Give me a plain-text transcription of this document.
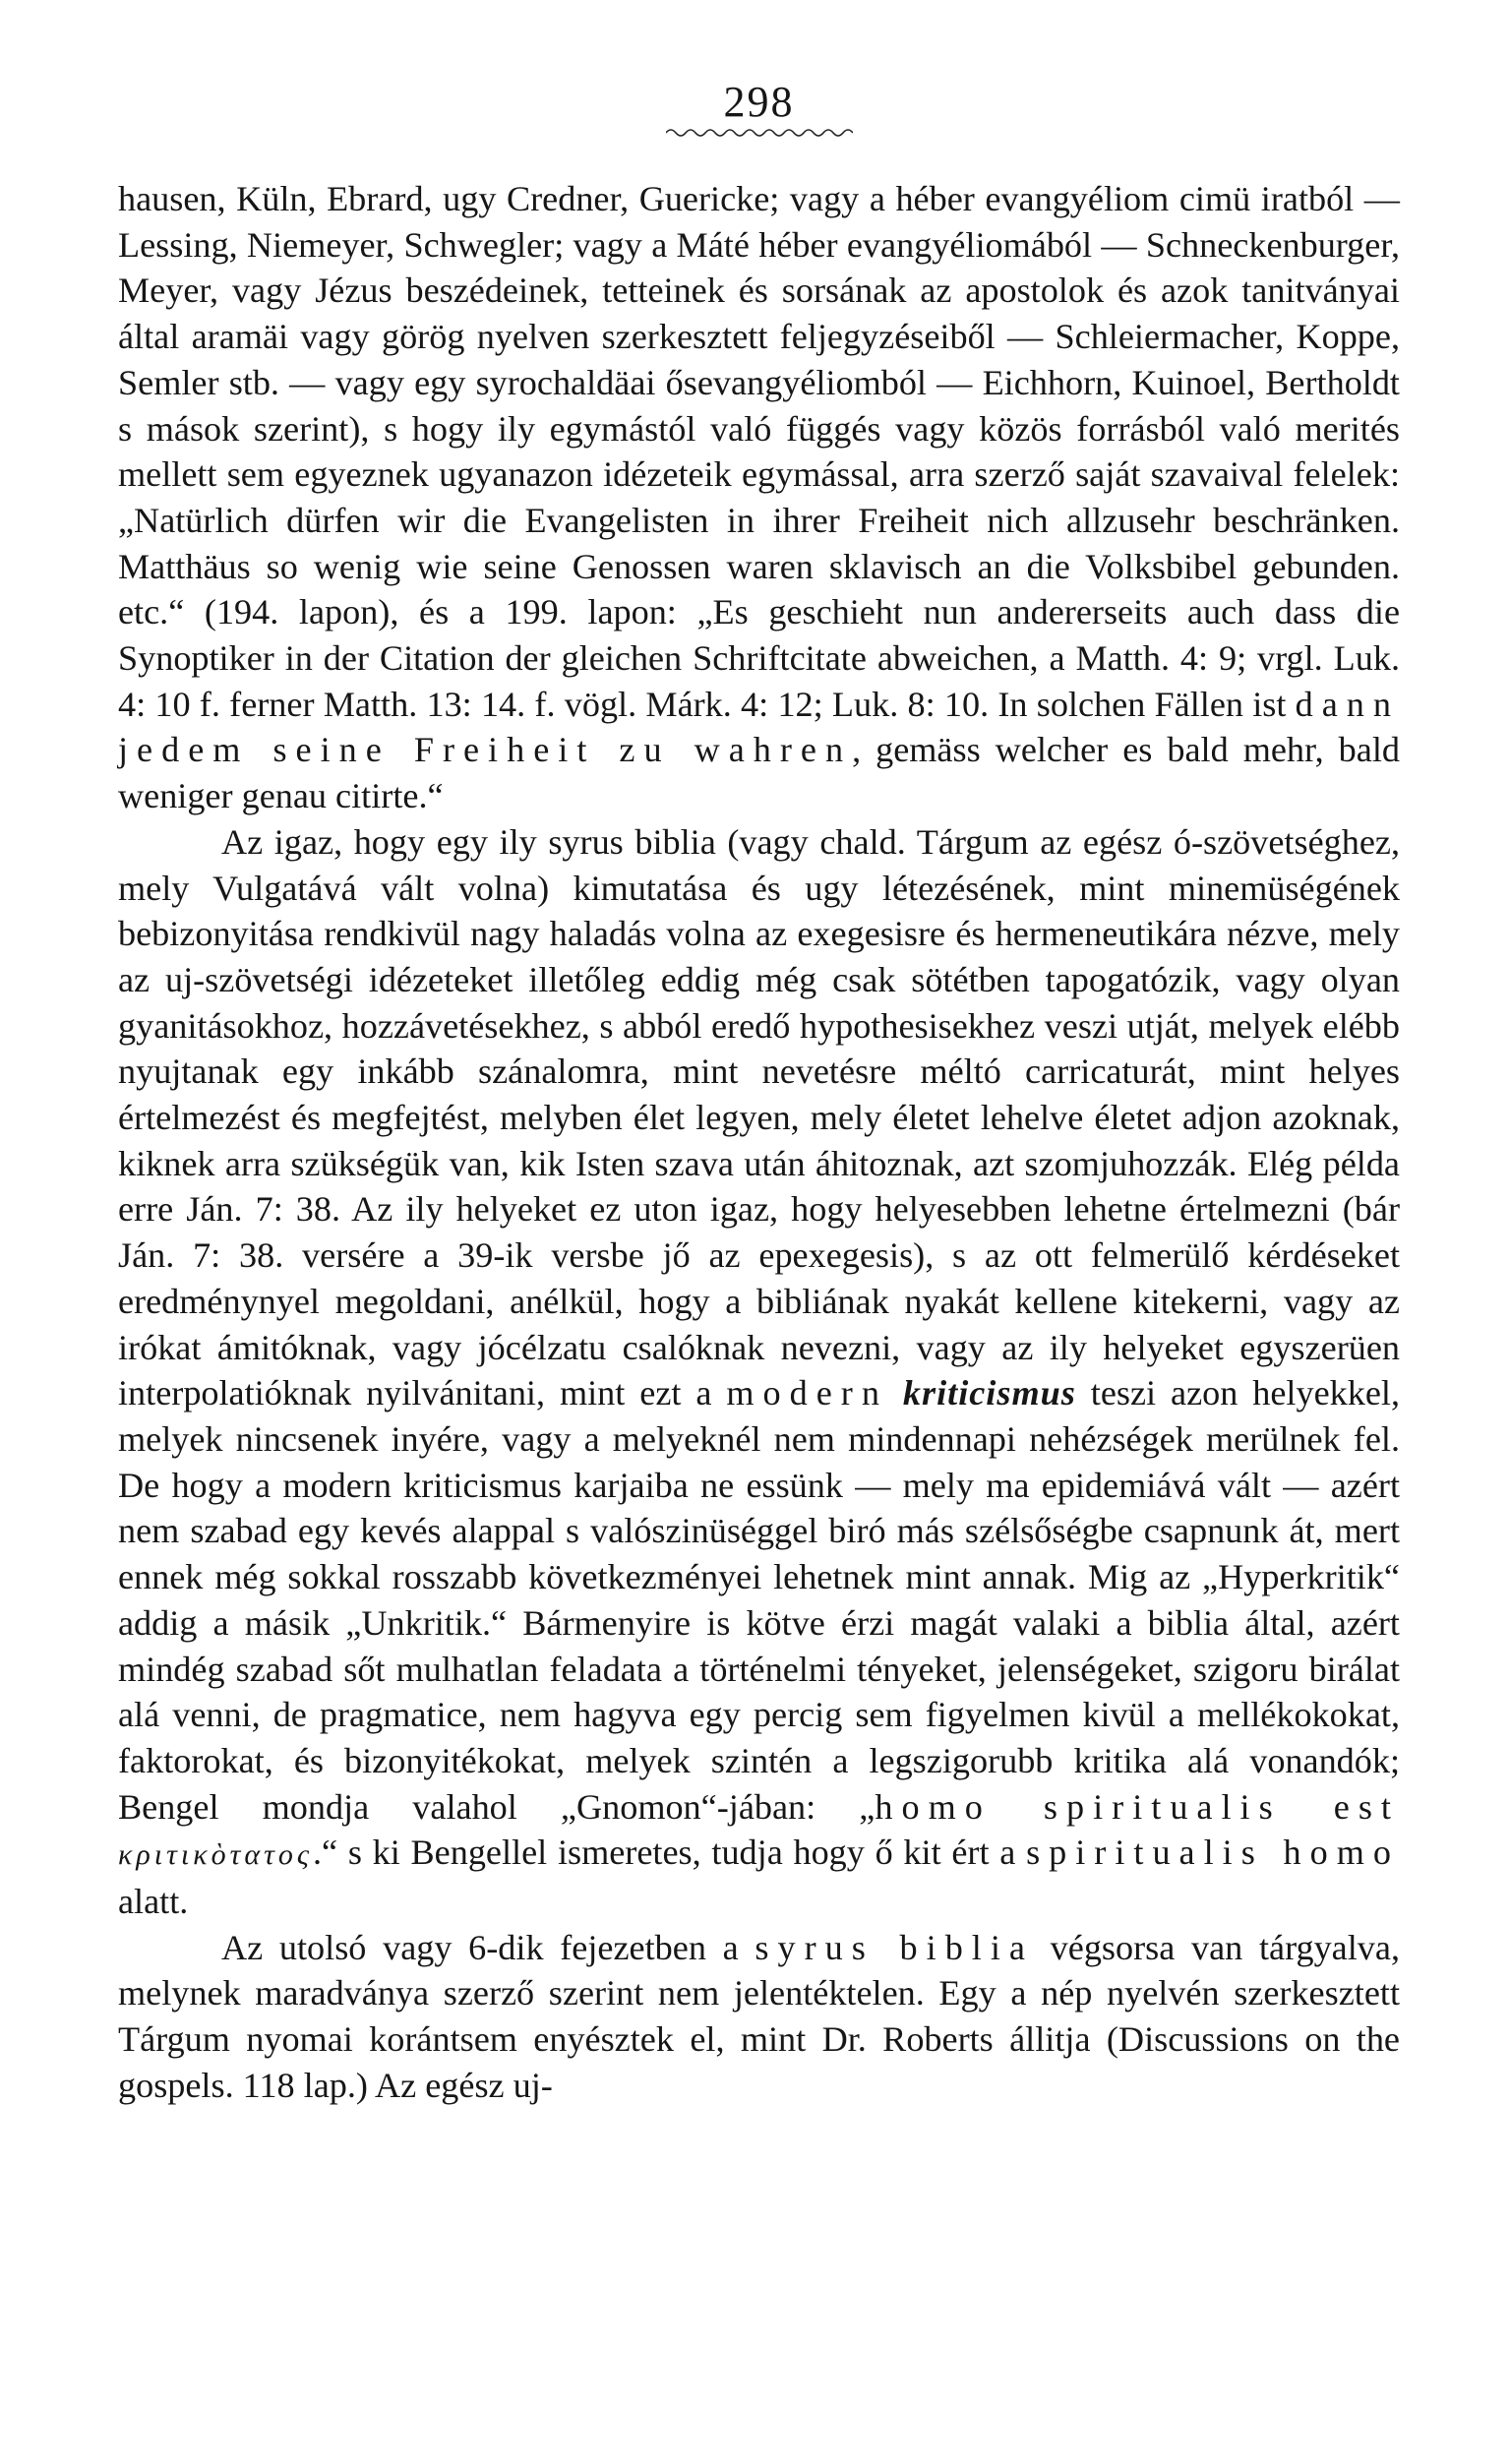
298

hausen, Küln, Ebrard, ugy Credner, Guericke; vagy a héber evangyéliom cimü iratból — Lessing, Niemeyer, Schwegler; vagy a Máté héber evangyéliomából — Schneckenburger, Meyer, vagy Jézus beszédeinek, tetteinek és sorsának az apostolok és azok tanitványai által aramäi vagy görög nyelven szerkesztett feljegyzéseiből — Schleiermacher, Koppe, Semler stb. — vagy egy syrochaldäai ősevangyéliomból — Eichhorn, Kuinoel, Bertholdt s mások szerint), s hogy ily egymástól való függés vagy közös forrásból való merités mellett sem egyeznek ugyanazon idézeteik egymással, arra szerző saját szavaival felelek: „Natürlich dürfen wir die Evangelisten in ihrer Freiheit nich allzusehr beschränken. Matthäus so wenig wie seine Genossen waren sklavisch an die Volksbibel gebunden. etc.“ (194. lapon), és a 199. lapon: „Es geschieht nun andererseits auch dass die Synoptiker in der Citation der gleichen Schriftcitate abweichen, a Matth. 4: 9; vrgl. Luk. 4: 10 f. ferner Matth. 13: 14. f. vögl. Márk. 4: 12; Luk. 8: 10. In solchen Fällen ist dann jedem seine Freiheit zu wahren, gemäss welcher es bald mehr, bald weniger genau citirte.“

Az igaz, hogy egy ily syrus biblia (vagy chald. Tárgum az egész ó-szövetséghez, mely Vulgatává vált volna) kimutatása és ugy létezésének, mint minemüségének bebizonyitása rendkivül nagy haladás volna az exegesisre és hermeneutikára nézve, mely az uj-szövetségi idézeteket illetőleg eddig még csak sötétben tapogatózik, vagy olyan gyanitásokhoz, hozzávetésekhez, s abból eredő hypothesisekhez veszi utját, melyek elébb nyujtanak egy inkább szánalomra, mint nevetésre méltó carricaturát, mint helyes értelmezést és megfejtést, melyben élet legyen, mely életet lehelve életet adjon azoknak, kiknek arra szükségük van, kik Isten szava után áhitoznak, azt szomjuhozzák. Elég példa erre Ján. 7: 38. Az ily helyeket ez uton igaz, hogy helyesebben lehetne értelmezni (bár Ján. 7: 38. versére a 39-ik versbe jő az epexegesis), s az ott felmerülő kérdéseket eredménynyel megoldani, anélkül, hogy a bibliának nyakát kellene kitekerni, vagy az irókat ámitóknak, vagy jócélzatu csalóknak nevezni, vagy az ily helyeket egyszerüen interpolatióknak nyilvánitani, mint ezt a modern kriticismus teszi azon helyekkel, melyek nincsenek inyére, vagy a melyeknél nem mindennapi nehézségek merülnek fel. De hogy a modern kriticismus karjaiba ne essünk — mely ma epidemiává vált — azért nem szabad egy kevés alappal s valószinüséggel biró más szélsőségbe csapnunk át, mert ennek még sokkal rosszabb következményei lehetnek mint annak. Mig az „Hyperkritik“ addig a másik „Unkritik.“ Bármenyire is kötve érzi magát valaki a biblia által, azért mindég szabad sőt mulhatlan feladata a történelmi tényeket, jelenségeket, szigoru birálat alá venni, de pragmatice, nem hagyva egy percig sem figyelmen kivül a mellékokokat, faktorokat, és bizonyitékokat, melyek szintén a legszigorubb kritika alá vonandók; Bengel mondja valahol „Gnomon“-jában: „homo spiritualis est κριτικὸτατος.“ s ki Bengellel ismeretes, tudja hogy ő kit ért a spiritualis homo alatt.

Az utolsó vagy 6-dik fejezetben a syrus biblia végsorsa van tárgyalva, melynek maradványa szerző szerint nem jelentéktelen. Egy a nép nyelvén szerkesztett Tárgum nyomai korántsem enyésztek el, mint Dr. Roberts állitja (Discussions on the gospels. 118 lap.) Az egész uj-
